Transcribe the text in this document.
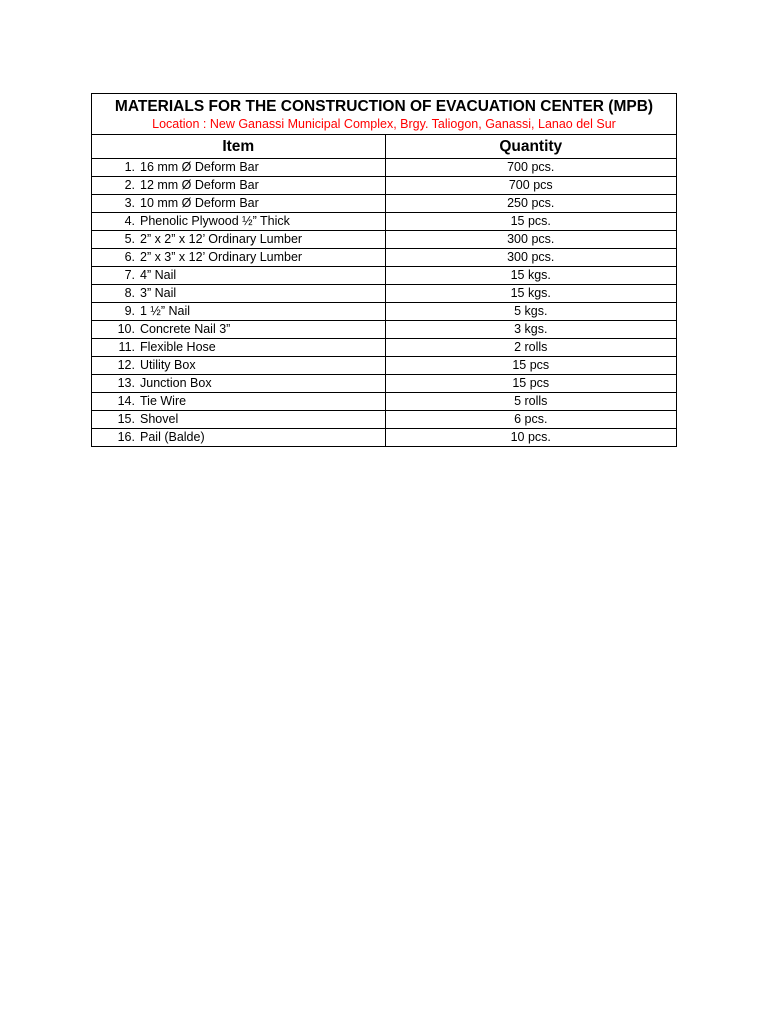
MATERIALS FOR THE CONSTRUCTION OF EVACUATION CENTER (MPB)
Location : New Ganassi Municipal Complex, Brgy. Taliogon, Ganassi, Lanao del Sur
Item	Quantity
1. 16 mm Ø Deform Bar	700 pcs.
2. 12 mm Ø Deform Bar	700 pcs
3. 10 mm Ø Deform Bar	250 pcs.
4. Phenolic Plywood ½” Thick	15 pcs.
5. 2” x 2” x 12’ Ordinary Lumber	300 pcs.
6. 2” x 3” x 12’ Ordinary Lumber	300 pcs.
7. 4” Nail	15 kgs.
8. 3” Nail	15 kgs.
9. 1 ½” Nail	5 kgs.
10. Concrete Nail 3”	3 kgs.
11. Flexible Hose	2 rolls
12. Utility Box	15 pcs
13. Junction Box	15 pcs
14. Tie Wire	5 rolls
15. Shovel	6 pcs.
16. Pail (Balde)	10 pcs.
